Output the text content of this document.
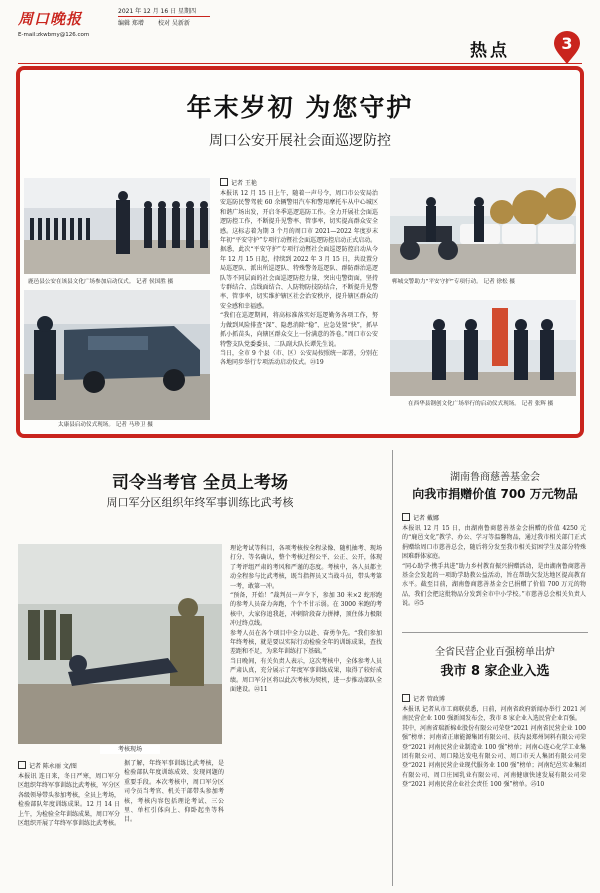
周口晚报
E-mail:zkwbmy@126.com
2021 年 12 月 16 日 星期四
编辑 郑增 校对 吴新新
热点	3
年末岁初 为您守护
周口公安开展社会面巡逻防控
鹿邑县公安在该县文化广场参加启动仪式。 记者 侯国胜 摄
太康县启动仪式现场。 记者 马珍卫 摄
记者 王艳
本报讯 12 月 15 日上午，随着一声号令，周口市公安局治安巡防民警驾驶 60 余辆警用汽车和警用摩托车从中心城区和谐广场出发，开启冬季巡逻巡防工作。全力开展社会面巡逻防控工作，不断提升见警率、管事率，切实提高群众安全感。这标志着为期 3 个月的周口市 2021—2022 年度岁末年初“平安守护”专项行动暨社会面巡逻防控启动正式启动。
据悉，此次“平安守护”专项行动暨社会面巡逻防控启动从今年 12 月 15 日起，持续到 2022 年 3 月 15 日，共设置分局巡逻队、派出所巡逻队、特殊警务巡逻队、群防群治巡逻队等不同层面的社会面巡逻防控力量，突出屯警街面，坚持专群结合、点线面结合、人防物防技防结合，不断提升见警率、管事率，切实维护辖区社会治安秩序，提升辖区群众的安全感和幸福感。
“我们在巡逻期间，将高标准落实好巡逻勤务各项工作，努力做到风险排查“深”、隐患消除“稳”、应急处置“快”，抓早抓小抓苗头，向辖区群众交上一份满意的答卷。”周口市公安特警支队党委委员、二队副大队长谭先生说。
当日，全市 9 个县（市、区）公安局按照统一部署，分别在各地同步举行专项活动启动仪式。㉓19
郸城交警助力“平安守护”专项行动。 记者 徐松 摄
在西华县钢创文化广场举行的启动仪式现场。 记者 张辉 摄
司令当考官 全员上考场
周口军分区组织年终军事训练比武考核
考核现场
记者 陈永丽 文/图
本报讯 连日来，冬日严寒，周口军分区组织年终军事训练比武考核，军分区各级领导带头参加考核，全员上考场，检验部队年度训练成果。12 月 14 日上午，为检验全年训练成果，周口军分区组织开展了年终军事训练比武考核。
据了解，年终军事训练比武考核，是检验部队年度训练成效、发现问题的重要手段。本次考核中，周口军分区司令员当考官、机关干部带头参加考核，考核内容包括理论考试、三公里、单杠引体向上、仰卧起坐等科目。
理论考试等科目，各项考核按全程录像、随机抽考、现场打分、等名确认，整个考核过程公平、公正、公开，体现了考评组严肃的考风和严谨的态度。考核中，各人员都主动全程参与比武考核，既当指挥员又当战斗员，带头考第一考，敢第一冲。
“预备，开始！”裁判员一声令下，参加 30 米×2 蛇形跑的参考人员奋力奔跑，个个不甘示弱。在 3000 米跑的考核中，大家你追我赶，冲刺阶段奋力拼搏，顶住体力极限冲过终点线。
参考人员在各个项目中全力以赴、奋勇争先。“我们参加年终考核，就是要以实际行动检验全年的训练成果，查找差距和不足，为来年训练打下基础。”
当日晚间，有关负责人表示，这次考核中，全体参考人员严肃认真，充分展示了年度军事训练成果，取得了较好成绩。周口军分区将以此次考核为契机，进一步推动部队全面建设。㉒11
湖南鲁商慈善基金会
向我市捐赠价值 700 万元物品
记者 戴娜
本报讯 12 月 15 日，由湖南鲁商慈善基金会捐赠的价值 4250 元的“鹿邑文化”教学、办公、学习等温馨物品，通过我市相关部门正式捐赠给周口市慈善总会，随后将分发至我市相关贫困学生及部分特殊困难群体家庭。
“同心助学·携手共进”助力乡村教育振兴捐赠活动，是由湖南鲁商慈善基金会发起的一项助学助教公益活动，旨在帮助欠发达地区提高教育水平。截至目前，湖南鲁商慈善基金会已捐赠了价值 700 万元的物品，我们会把这批物品分发到全市中小学校。”市慈善总会相关负责人说。㉕5
全省民营企业百强榜单出炉
我市 8 家企业入选
记者 管政博
本报讯 记者从市工商联获悉，日前，河南省政府新闻办举行 2021 河南民营企业 100 强新闻发布会，我市 8 家企业入选民营企业百强。
其中，河南省瑞新棉业股份有限公司荣登“2021 河南省民营企业 100 强”榜单；河南省正康能源集团有限公司、扶沟县郑州饲料有限公司荣登“2021 河南民营企业制造业 100 强”榜单；河南心连心化学工业集团有限公司、周口隆达发电有限公司、周口市天人集团有限公司荣登“2021 河南民营企业现代服务业 100 强”榜单；河南纪邑实业集团有限公司、周口庄园乳业有限公司、河南健康快速发展有限公司荣登“2021 河南民营企业社会责任 100 强”榜单。㉕10
